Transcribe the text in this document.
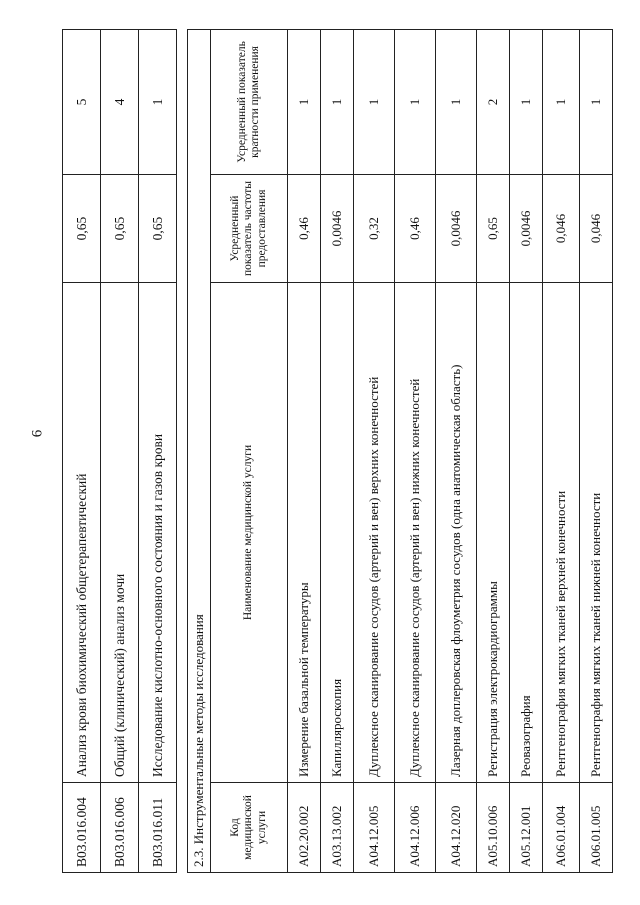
6
B03.016.004	Анализ крови биохимический общетерапевтический	0,65	5
B03.016.006	Общий (клинический) анализ мочи	0,65	4
B03.016.011	Исследование кислотно-основного состояния и газов крови	0,65	1
2.3. Инструментальные методы исследования			
Код медицинской услуги	Наименование медицинской услуги	Усредненный показатель частоты предоставления	Усредненный показатель кратности применения
A02.20.002	Измерение базальной температуры	0,46	1
A03.13.002	Капилляроскопия	0,0046	1
A04.12.005	Дуплексное сканирование сосудов (артерий и вен) верхних конечностей	0,32	1
A04.12.006	Дуплексное сканирование сосудов (артерий и вен) нижних конечностей	0,46	1
A04.12.020	Лазерная доплеровская флоуметрия сосудов (одна анатомическая область)	0,0046	1
A05.10.006	Регистрация электрокардиограммы	0,65	2
A05.12.001	Реовазография	0,0046	1
A06.01.004	Рентгенография мягких тканей верхней конечности	0,046	1
A06.01.005	Рентгенография мягких тканей нижней конечности	0,046	1
